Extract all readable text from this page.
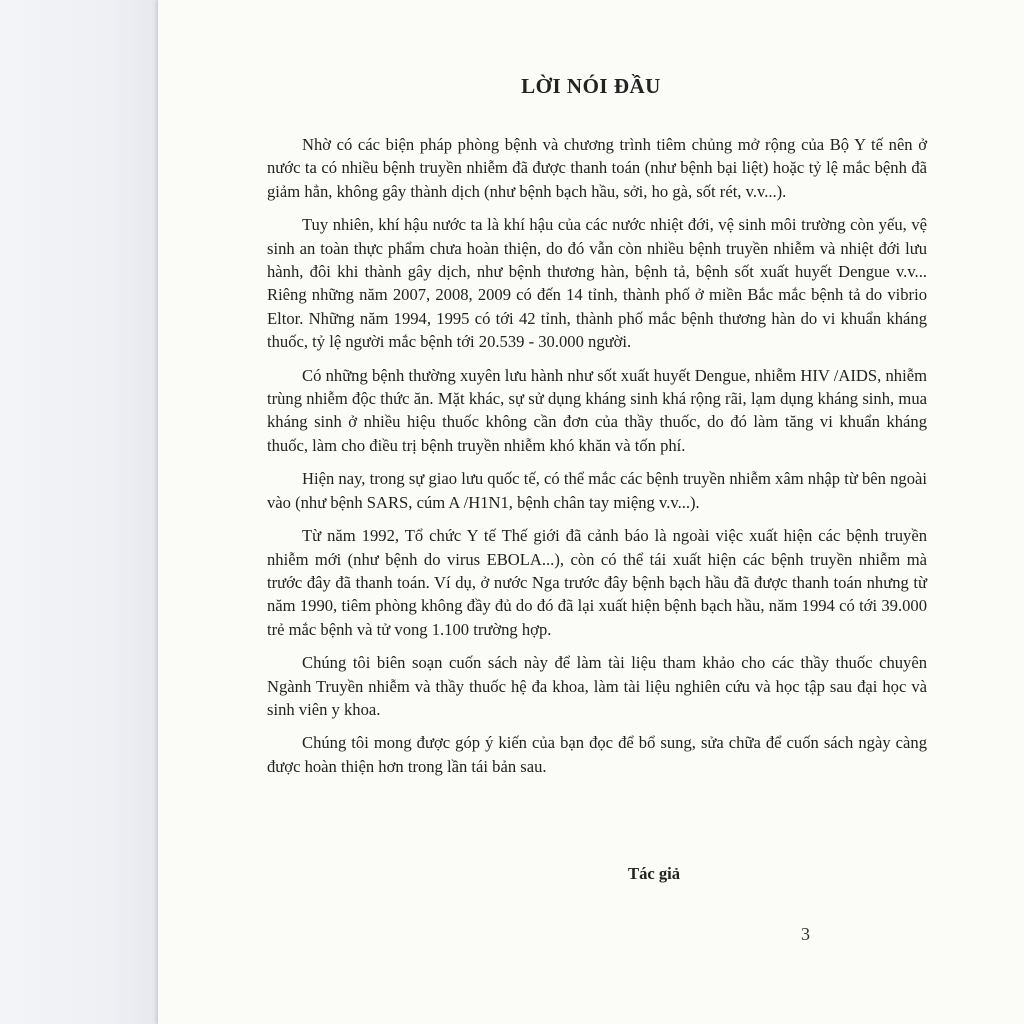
LỜI NÓI ĐẦU

Nhờ có các biện pháp phòng bệnh và chương trình tiêm chủng mở rộng của Bộ Y tế nên ở nước ta có nhiều bệnh truyền nhiễm đã được thanh toán (như bệnh bại liệt) hoặc tỷ lệ mắc bệnh đã giảm hẳn, không gây thành dịch (như bệnh bạch hầu, sởi, ho gà, sốt rét, v.v...).

Tuy nhiên, khí hậu nước ta là khí hậu của các nước nhiệt đới, vệ sinh môi trường còn yếu, vệ sinh an toàn thực phẩm chưa hoàn thiện, do đó vẫn còn nhiều bệnh truyền nhiễm và nhiệt đới lưu hành, đôi khi thành gây dịch, như bệnh thương hàn, bệnh tả, bệnh sốt xuất huyết Dengue v.v... Riêng những năm 2007, 2008, 2009 có đến 14 tỉnh, thành phố ở miền Bắc mắc bệnh tả do vibrio Eltor. Những năm 1994, 1995 có tới 42 tỉnh, thành phố mắc bệnh thương hàn do vi khuẩn kháng thuốc, tỷ lệ người mắc bệnh tới 20.539 - 30.000 người.

Có những bệnh thường xuyên lưu hành như sốt xuất huyết Dengue, nhiễm HIV /AIDS, nhiễm trùng nhiễm độc thức ăn. Mặt khác, sự sử dụng kháng sinh khá rộng rãi, lạm dụng kháng sinh, mua kháng sinh ở nhiều hiệu thuốc không cần đơn của thầy thuốc, do đó làm tăng vi khuẩn kháng thuốc, làm cho điều trị bệnh truyền nhiễm khó khăn và tốn phí.

Hiện nay, trong sự giao lưu quốc tế, có thể mắc các bệnh truyền nhiễm xâm nhập từ bên ngoài vào (như bệnh SARS, cúm A /H1N1, bệnh chân tay miệng v.v...).

Từ năm 1992, Tổ chức Y tế Thế giới đã cảnh báo là ngoài việc xuất hiện các bệnh truyền nhiễm mới (như bệnh do virus EBOLA...), còn có thể tái xuất hiện các bệnh truyền nhiễm mà trước đây đã thanh toán. Ví dụ, ở nước Nga trước đây bệnh bạch hầu đã được thanh toán nhưng từ năm 1990, tiêm phòng không đầy đủ do đó đã lại xuất hiện bệnh bạch hầu, năm 1994 có tới 39.000 trẻ mắc bệnh và tử vong 1.100 trường hợp.

Chúng tôi biên soạn cuốn sách này để làm tài liệu tham khảo cho các thầy thuốc chuyên Ngành Truyền nhiễm và thầy thuốc hệ đa khoa, làm tài liệu nghiên cứu và học tập sau đại học và sinh viên y khoa.

Chúng tôi mong được góp ý kiến của bạn đọc để bổ sung, sửa chữa để cuốn sách ngày càng được hoàn thiện hơn trong lần tái bản sau.

Tác giả
3
